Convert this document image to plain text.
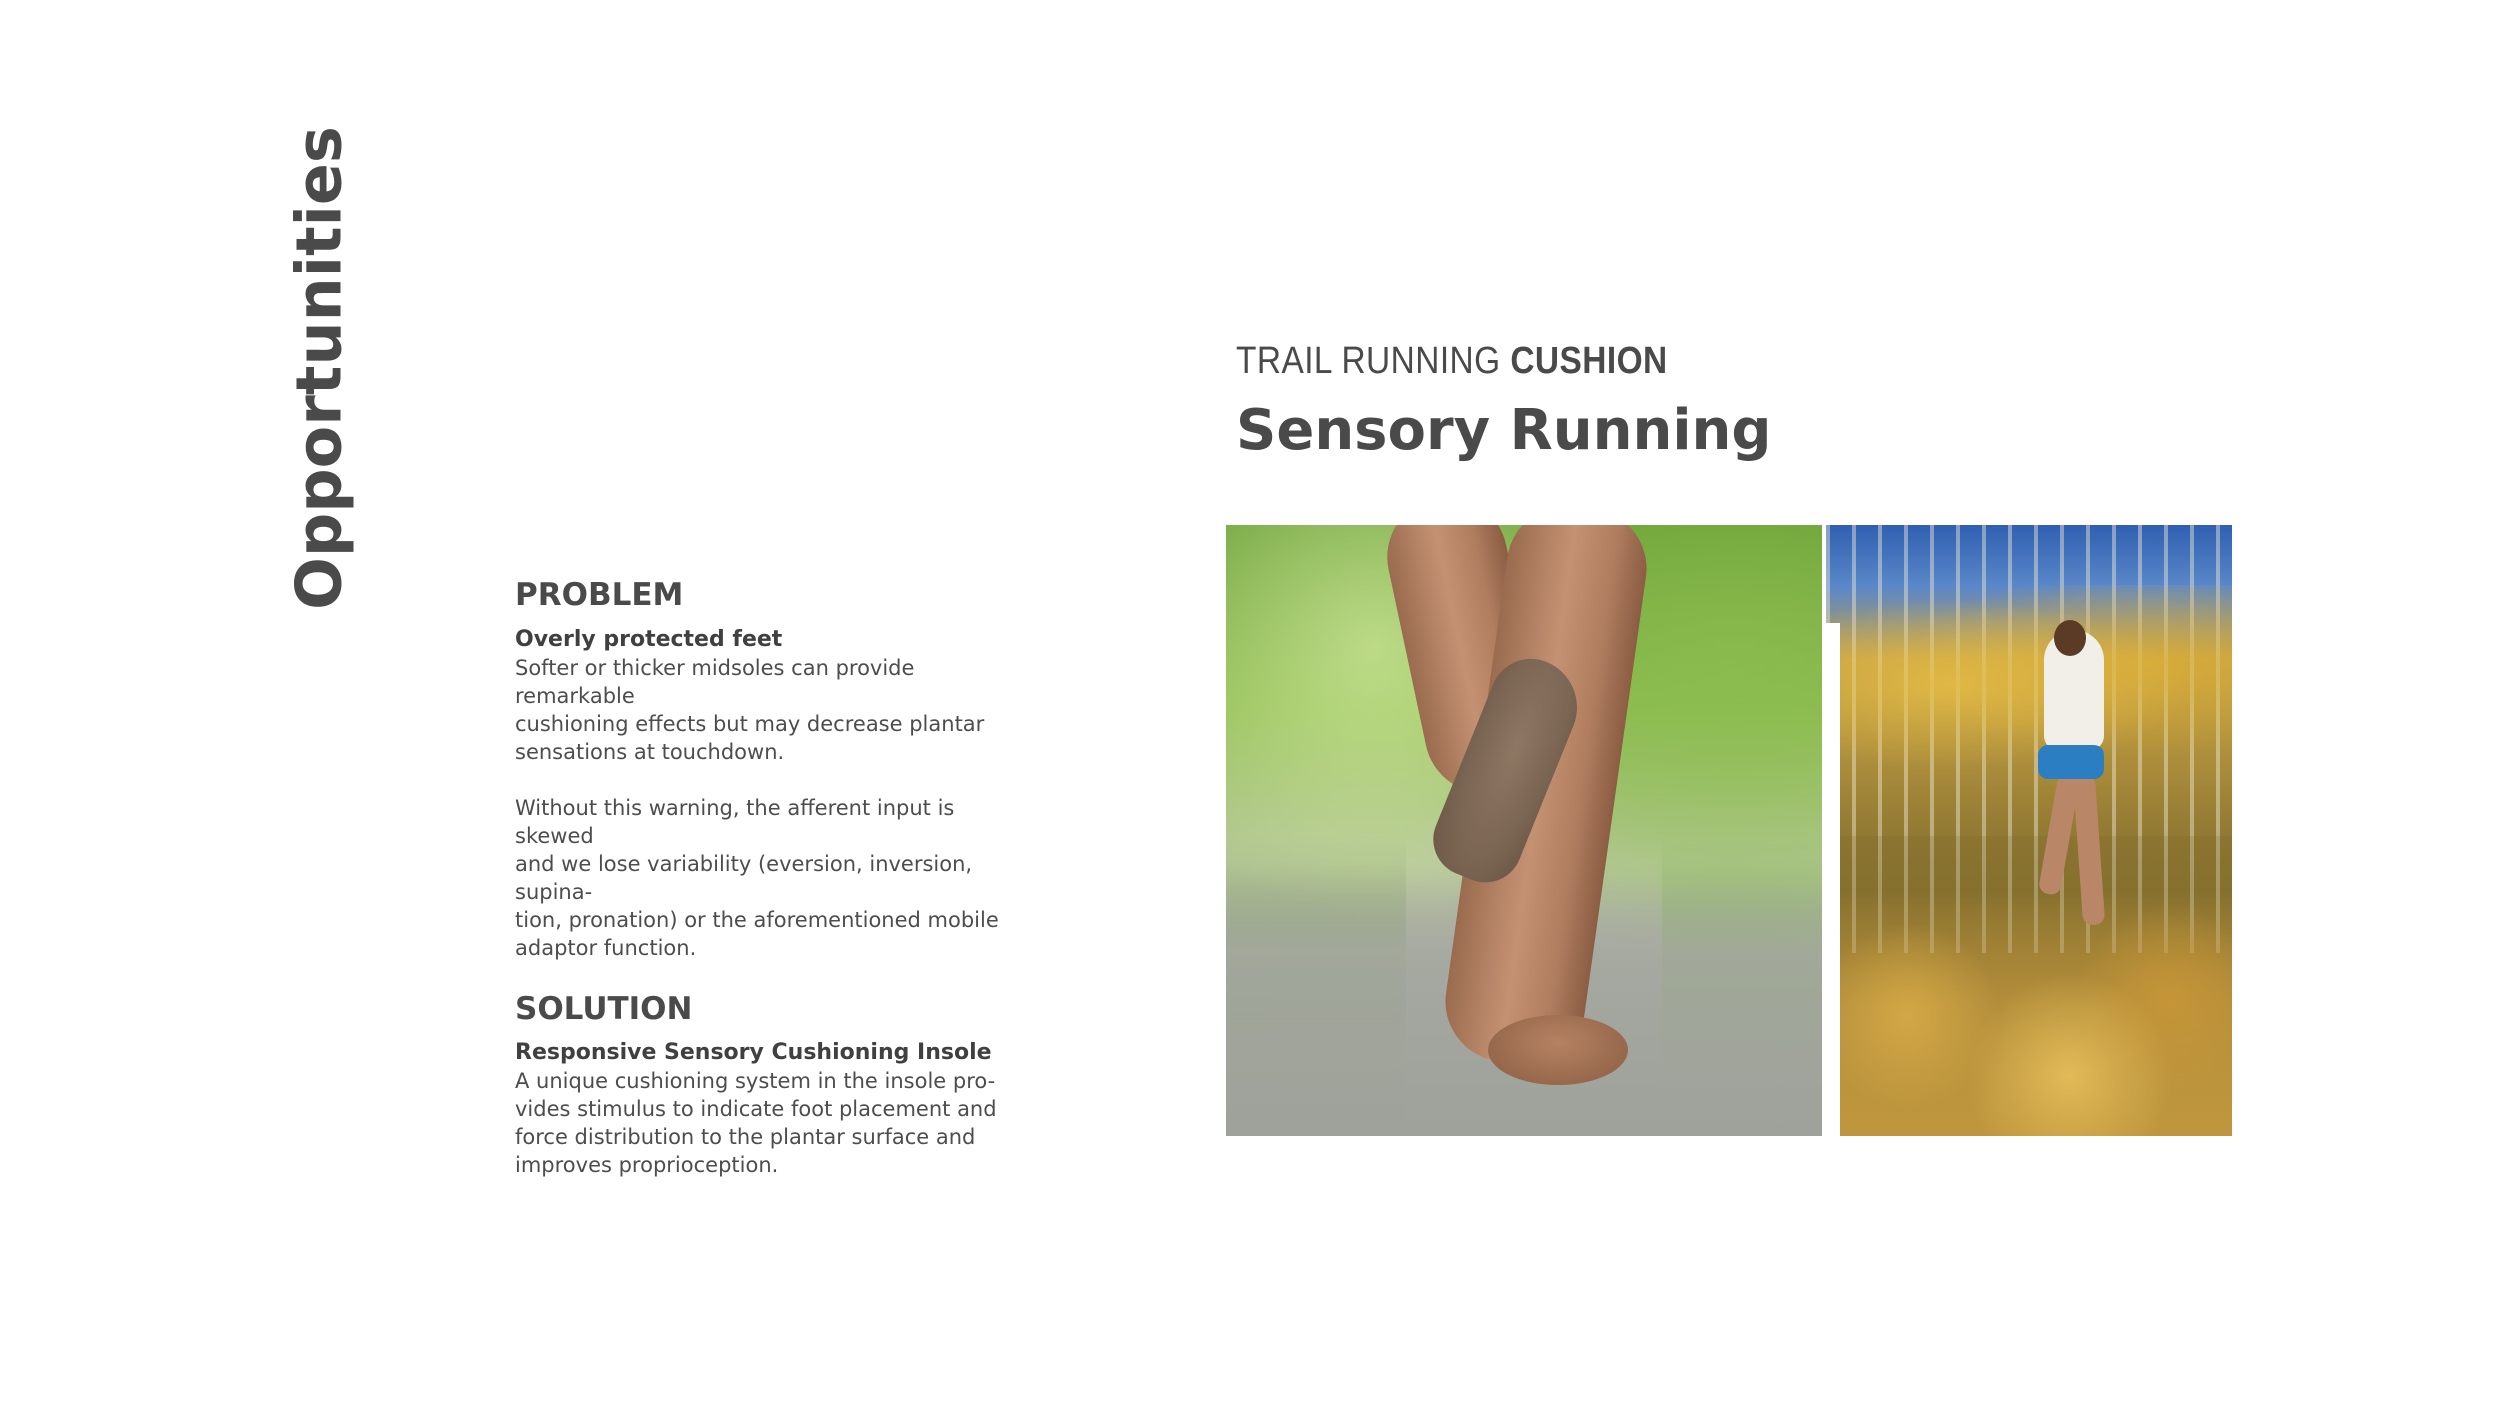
Opportunities	PROBLEM
Overly protected feet
Softer or thicker midsoles can provide remarkable
cushioning effects but may decrease plantar
sensations at touchdown.
Without this warning, the afferent input is skewed
and we lose variability (eversion, inversion, supina-
tion, pronation) or the aforementioned mobile
adaptor function.
SOLUTION
Responsive Sensory Cushioning Insole
A unique cushioning system in the insole pro-
vides stimulus to indicate foot placement and
force distribution to the plantar surface and
improves proprioception.
TRAIL RUNNING CUSHION
Sensory Running
